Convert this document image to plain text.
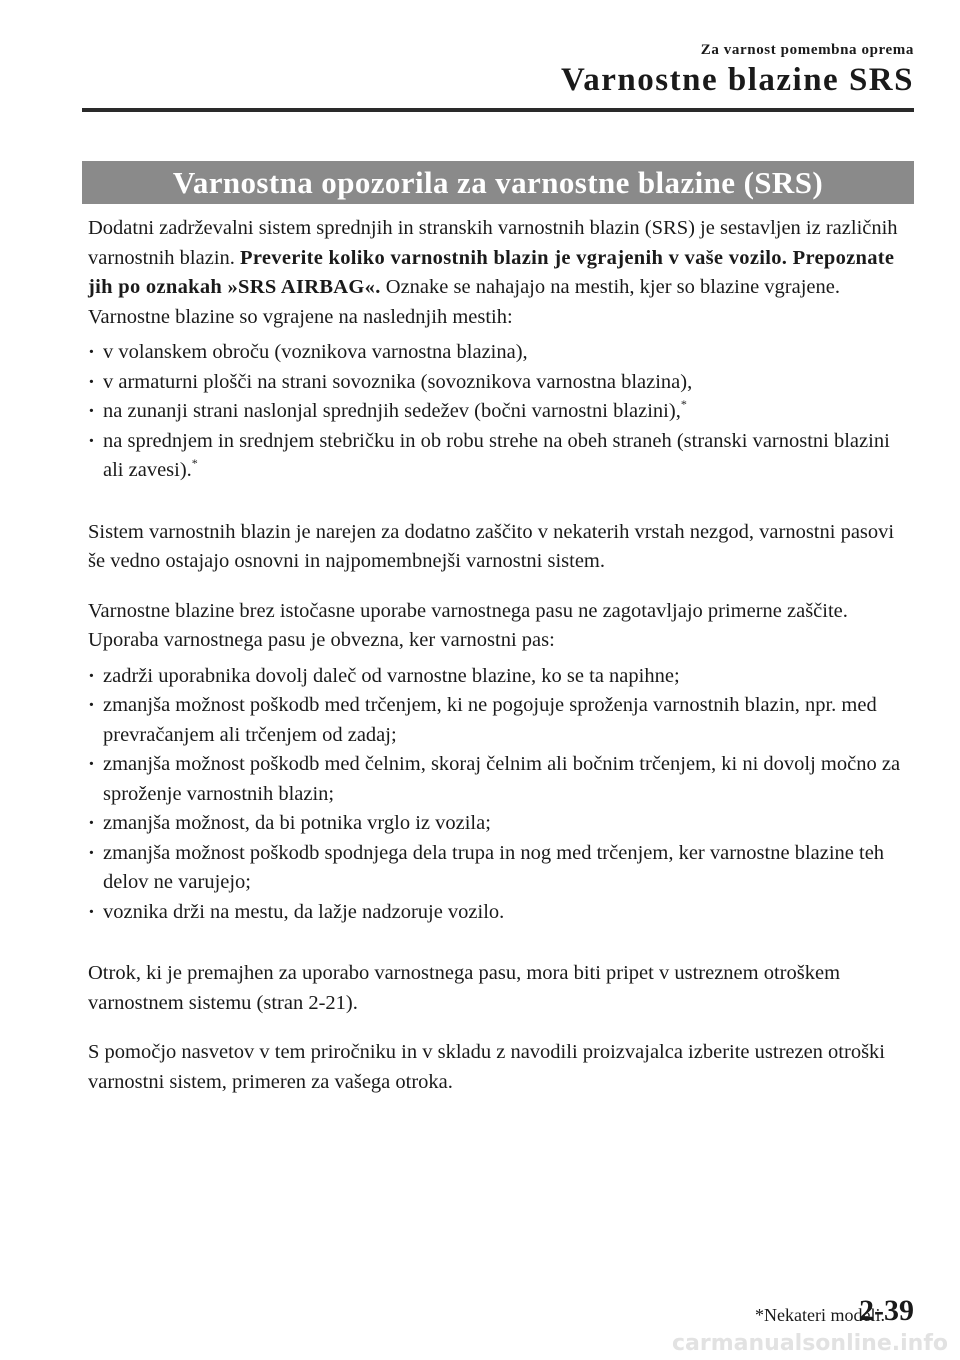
Za varnost pomembna oprema
Varnostne blazine SRS
Varnostna opozorila za varnostne blazine (SRS)

Dodatni zadrževalni sistem sprednjih in stranskih varnostnih blazin (SRS) je sestavljen iz različnih varnostnih blazin. Preverite koliko varnostnih blazin je vgrajenih v vaše vozilo. Prepoznate jih po oznakah »SRS AIRBAG«. Oznake se nahajajo na mestih, kjer so blazine vgrajene.

Varnostne blazine so vgrajene na naslednjih mestih:

· v volanskem obroču (voznikova varnostna blazina),
· v armaturni plošči na strani sovoznika (sovoznikova varnostna blazina),
· na zunanji strani naslonjal sprednjih sedežev (bočni varnostni blazini),*
· na sprednjem in srednjem stebričku in ob robu strehe na obeh straneh (stranski varnostni blazini ali zavesi).*

Sistem varnostnih blazin je narejen za dodatno zaščito v nekaterih vrstah nezgod, varnostni pasovi še vedno ostajajo osnovni in najpomembnejši varnostni sistem.

Varnostne blazine brez istočasne uporabe varnostnega pasu ne zagotavljajo primerne zaščite. Uporaba varnostnega pasu je obvezna, ker varnostni pas:

· zadrži uporabnika dovolj daleč od varnostne blazine, ko se ta napihne;
· zmanjša možnost poškodb med trčenjem, ki ne pogojuje sproženja varnostnih blazin, npr. med prevračanjem ali trčenjem od zadaj;
· zmanjša možnost poškodb med čelnim, skoraj čelnim ali bočnim trčenjem, ki ni dovolj močno za sproženje varnostnih blazin;
· zmanjša možnost, da bi potnika vrglo iz vozila;
· zmanjša možnost poškodb spodnjega dela trupa in nog med trčenjem, ker varnostne blazine teh delov ne varujejo;
· voznika drži na mestu, da lažje nadzoruje vozilo.

Otrok, ki je premajhen za uporabo varnostnega pasu, mora biti pripet v ustreznem otroškem varnostnem sistemu (stran 2-21).

S pomočjo nasvetov v tem priročniku in v skladu z navodili proizvajalca izberite ustrezen otroški varnostni sistem, primeren za vašega otroka.

*Nekateri modeli.
2-39
carmanualsonline.info
